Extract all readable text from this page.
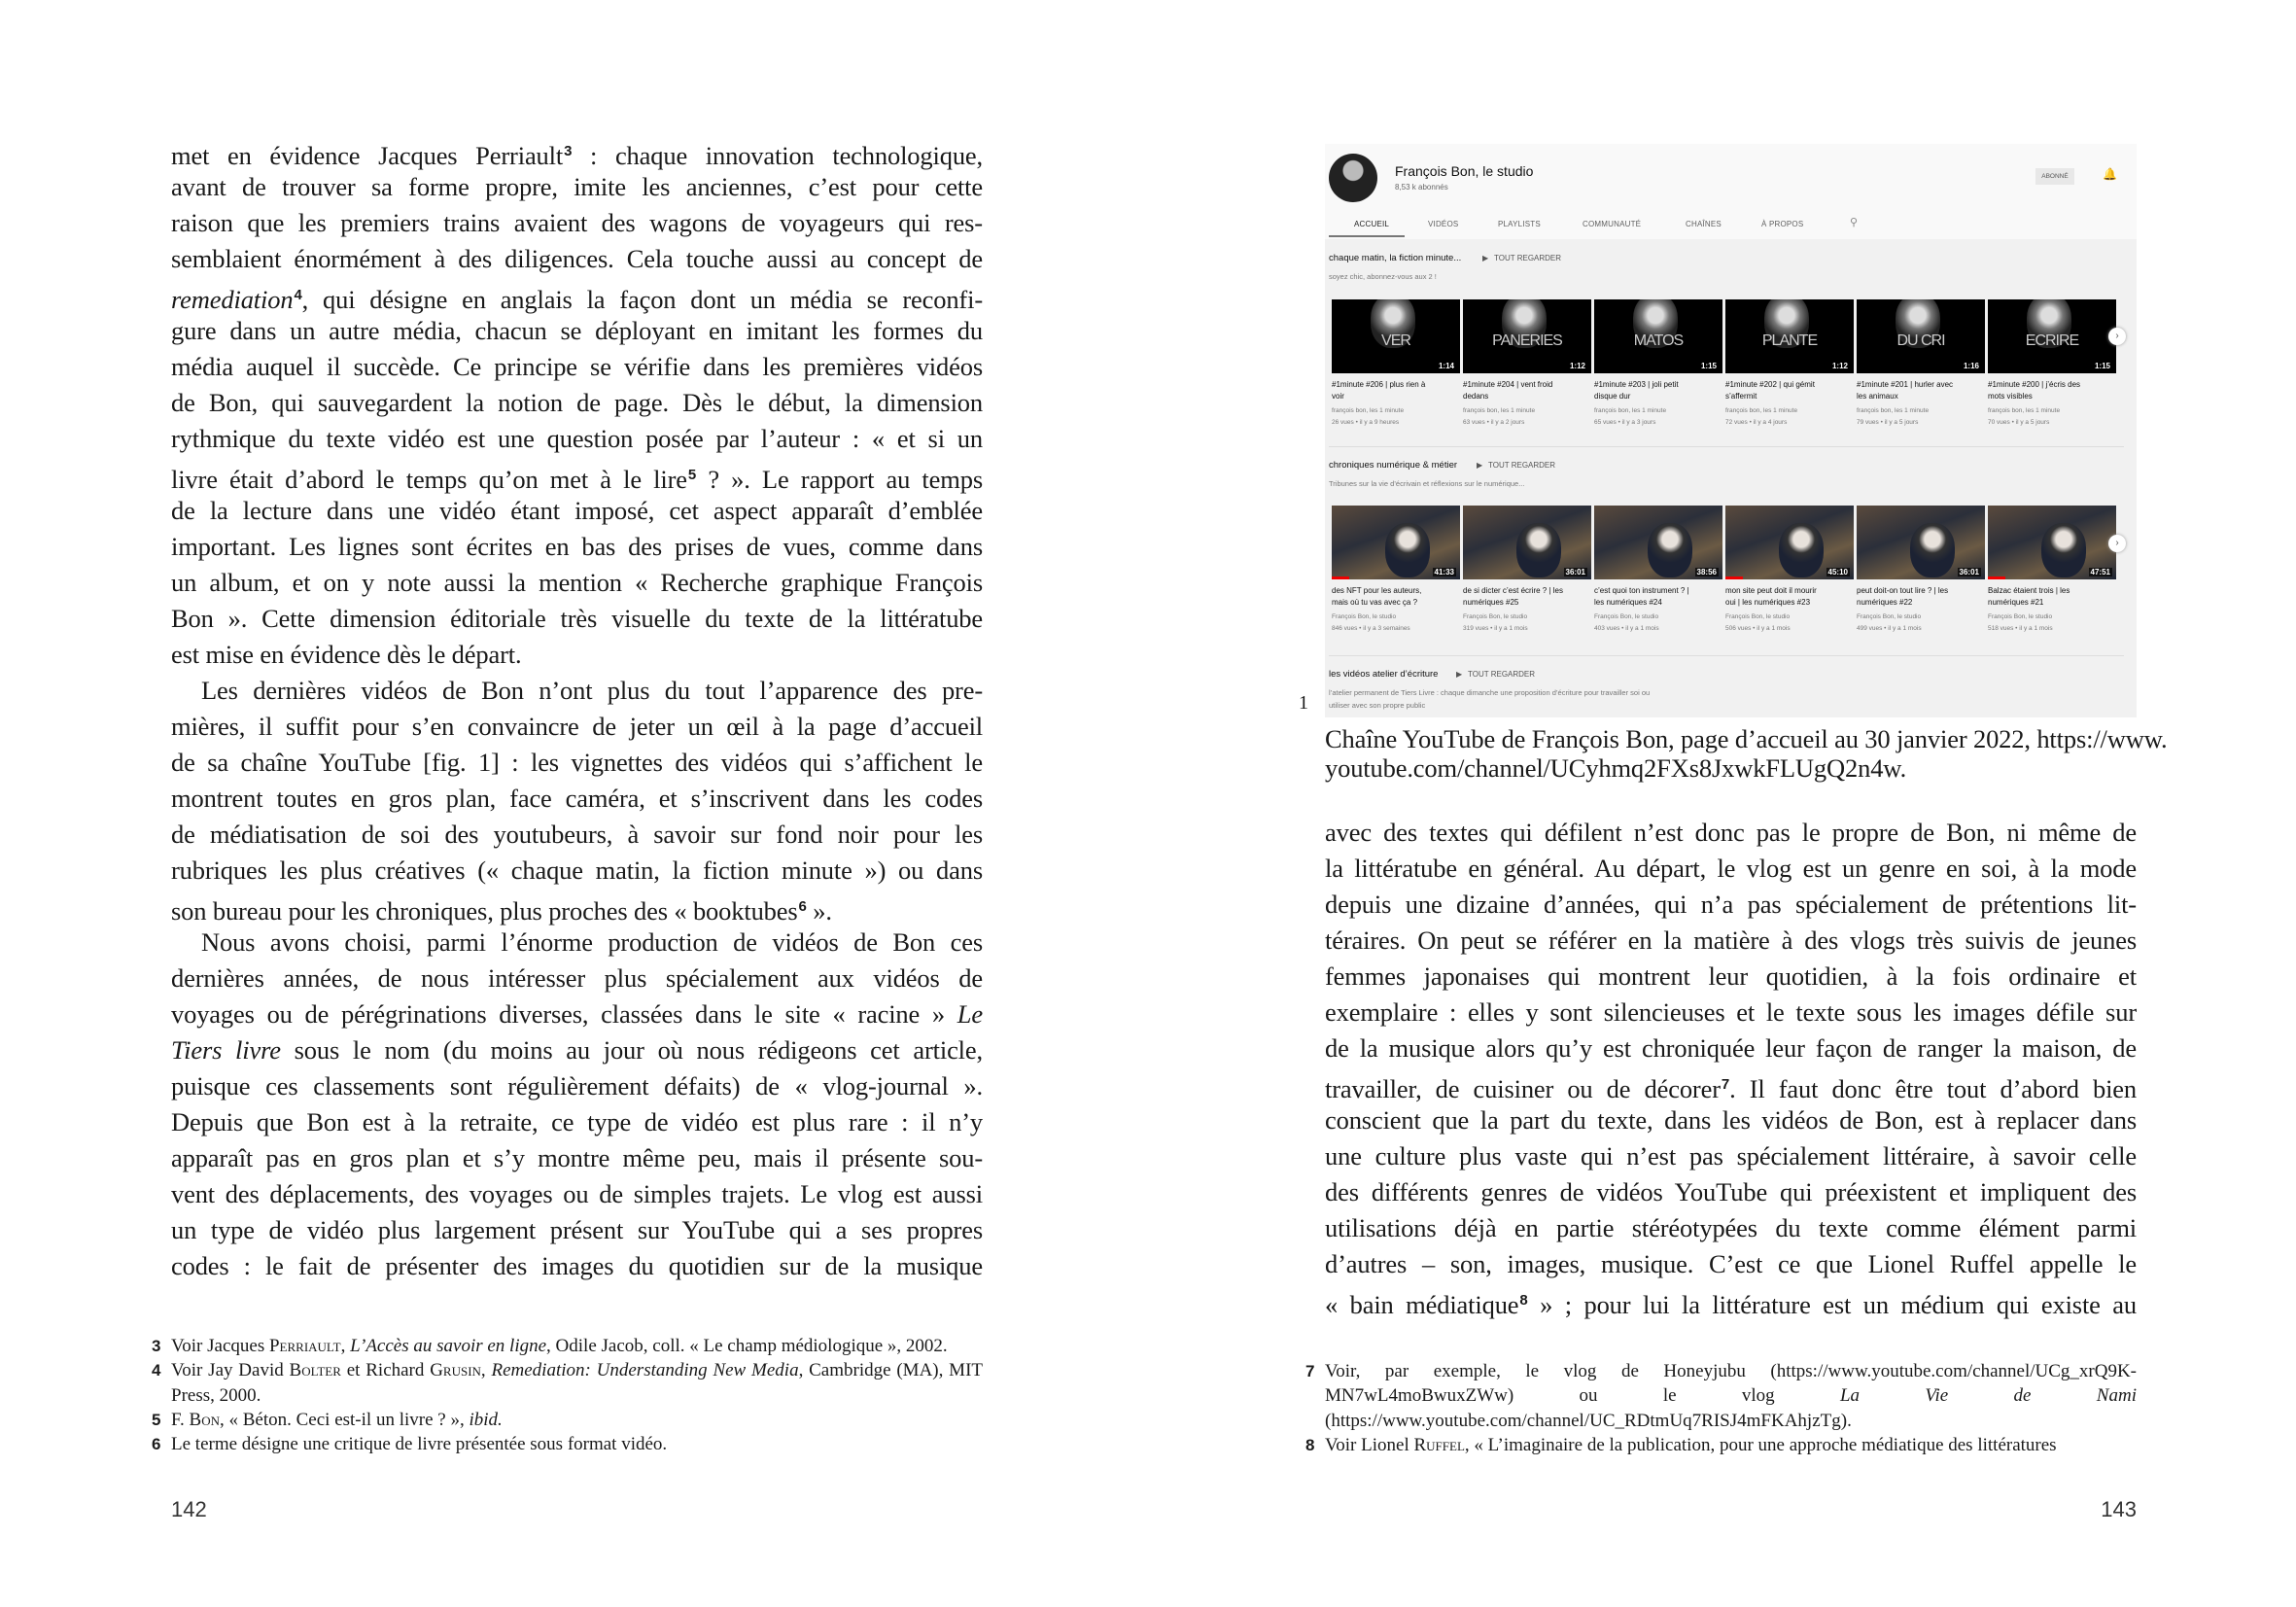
met en évidence Jacques Perriault$^3$ : chaque innovation technologique,
avant de trouver sa forme propre, imite les anciennes, c’est pour cette
raison que les premiers trains avaient des wagons de voyageurs qui res-
semblaient énormément à des diligences. Cela touche aussi au concept de
remediation$^4$, qui désigne en anglais la façon dont un média se reconfi-
gure dans un autre média, chacun se déployant en imitant les formes du
média auquel il succède. Ce principe se vérifie dans les premières vidéos
de Bon, qui sauvegardent la notion de page. Dès le début, la dimension
rythmique du texte vidéo est une question posée par l’auteur : « et si un
livre était d’abord le temps qu’on met à le lire$^5$ ? ». Le rapport au temps
de la lecture dans une vidéo étant imposé, cet aspect apparaît d’emblée
important. Les lignes sont écrites en bas des prises de vues, comme dans
un album, et on y note aussi la mention « Recherche graphique François
Bon ». Cette dimension éditoriale très visuelle du texte de la littératube
est mise en évidence dès le départ.
Les dernières vidéos de Bon n’ont plus du tout l’apparence des pre-
mières, il suffit pour s’en convaincre de jeter un œil à la page d’accueil
de sa chaîne YouTube [fig. 1] : les vignettes des vidéos qui s’affichent le
montrent toutes en gros plan, face caméra, et s’inscrivent dans les codes
de médiatisation de soi des youtubeurs, à savoir sur fond noir pour les
rubriques les plus créatives (« chaque matin, la fiction minute ») ou dans
son bureau pour les chroniques, plus proches des « booktubes$^6$ ».
Nous avons choisi, parmi l’énorme production de vidéos de Bon ces
dernières années, de nous intéresser plus spécialement aux vidéos de
voyages ou de pérégrinations diverses, classées dans le site « racine » Le
Tiers livre sous le nom (du moins au jour où nous rédigeons cet article,
puisque ces classements sont régulièrement défaits) de « vlog-journal ».
Depuis que Bon est à la retraite, ce type de vidéo est plus rare : il n’y
apparaît pas en gros plan et s’y montre même peu, mais il présente sou-
vent des déplacements, des voyages ou de simples trajets. Le vlog est aussi
un type de vidéo plus largement présent sur YouTube qui a ses propres
codes : le fait de présenter des images du quotidien sur de la musique
3 Voir Jacques Perriault, L’Accès au savoir en ligne, Odile Jacob, coll. « Le champ médiologique », 2002.
4 Voir Jay David Bolter et Richard Grusin, Remediation: Understanding New Media, Cambridge (MA), MIT Press, 2000.
5 F. Bon, « Béton. Ceci est-il un livre ? », ibid.
6 Le terme désigne une critique de livre présentée sous format vidéo.
142
1
François Bon, le studio
8,53 k abonnés
ABONNÉ	🔔
ACCUEIL	VIDÉOS	PLAYLISTS	COMMUNAUTÉ	CHAÎNES	À PROPOS	⚲
chaque matin, la fiction minute...	▶ TOUT REGARDER
soyez chic, abonnez-vous aux 2 !
VER
1:14
#1minute #206 | plus rien à
voir
françois bon, les 1 minute
26 vues • il y a 9 heures
PANERIES
1:12
#1minute #204 | vent froid
dedans
françois bon, les 1 minute
63 vues • il y a 2 jours
MATOS
1:15
#1minute #203 | joli petit
disque dur
françois bon, les 1 minute
65 vues • il y a 3 jours
PLANTE
1:12
#1minute #202 | qui gémit
s’affermit
françois bon, les 1 minute
72 vues • il y a 4 jours
DU CRI
1:16
#1minute #201 | hurler avec
les animaux
françois bon, les 1 minute
79 vues • il y a 5 jours
ECRIRE
1:15
#1minute #200 | j’écris des
mots visibles
françois bon, les 1 minute
70 vues • il y a 5 jours
›
chroniques numérique & métier ▶ TOUT REGARDER
Tribunes sur la vie d’écrivain et réflexions sur le numérique...
41:33
des NFT pour les auteurs,
mais où tu vas avec ça ?
François Bon, le studio
846 vues • il y a 3 semaines
36:01
de si dicter c’est écrire ? | les
numériques #25
François Bon, le studio
319 vues • il y a 1 mois
38:56
c’est quoi ton instrument ? |
les numériques #24
François Bon, le studio
403 vues • il y a 1 mois
45:10
mon site peut doit il mourir
oui | les numériques #23
François Bon, le studio
506 vues • il y a 1 mois
36:01
peut doit-on tout lire ? | les
numériques #22
François Bon, le studio
499 vues • il y a 1 mois
47:51
Balzac étaient trois | les
numériques #21
François Bon, le studio
518 vues • il y a 1 mois
›
les vidéos atelier d’écriture ▶ TOUT REGARDER
l’atelier permanent de Tiers Livre : chaque dimanche une proposition d’écriture pour travailler soi ou
utiliser avec son propre public
Chaîne YouTube de François Bon, page d’accueil au 30 janvier 2022, https://www.
youtube.com/channel/UCyhmq2FXs8JxwkFLUgQ2n4w.
avec des textes qui défilent n’est donc pas le propre de Bon, ni même de
la littératube en général. Au départ, le vlog est un genre en soi, à la mode
depuis une dizaine d’années, qui n’a pas spécialement de prétentions lit-
téraires. On peut se référer en la matière à des vlogs très suivis de jeunes
femmes japonaises qui montrent leur quotidien, à la fois ordinaire et
exemplaire : elles y sont silencieuses et le texte sous les images défile sur
de la musique alors qu’y est chroniquée leur façon de ranger la maison, de
travailler, de cuisiner ou de décorer$^7$. Il faut donc être tout d’abord bien
conscient que la part du texte, dans les vidéos de Bon, est à replacer dans
une culture plus vaste qui n’est pas spécialement littéraire, à savoir celle
des différents genres de vidéos YouTube qui préexistent et impliquent des
utilisations déjà en partie stéréotypées du texte comme élément parmi
d’autres – son, images, musique. C’est ce que Lionel Ruffel appelle le
« bain médiatique$^8$ » ; pour lui la littérature est un médium qui existe au
7 Voir, par exemple, le vlog de Honeyjubu (https://www.youtube.com/channel/UCg_xrQ9K-MN7wL4moBwuxZWw) ou le vlog La Vie de Nami (https://www.youtube.com/channel/UC_RDtmUq7RISJ4mFKAhjzTg).
8 Voir Lionel Ruffel, « L’imaginaire de la publication, pour une approche médiatique des littératures
143
